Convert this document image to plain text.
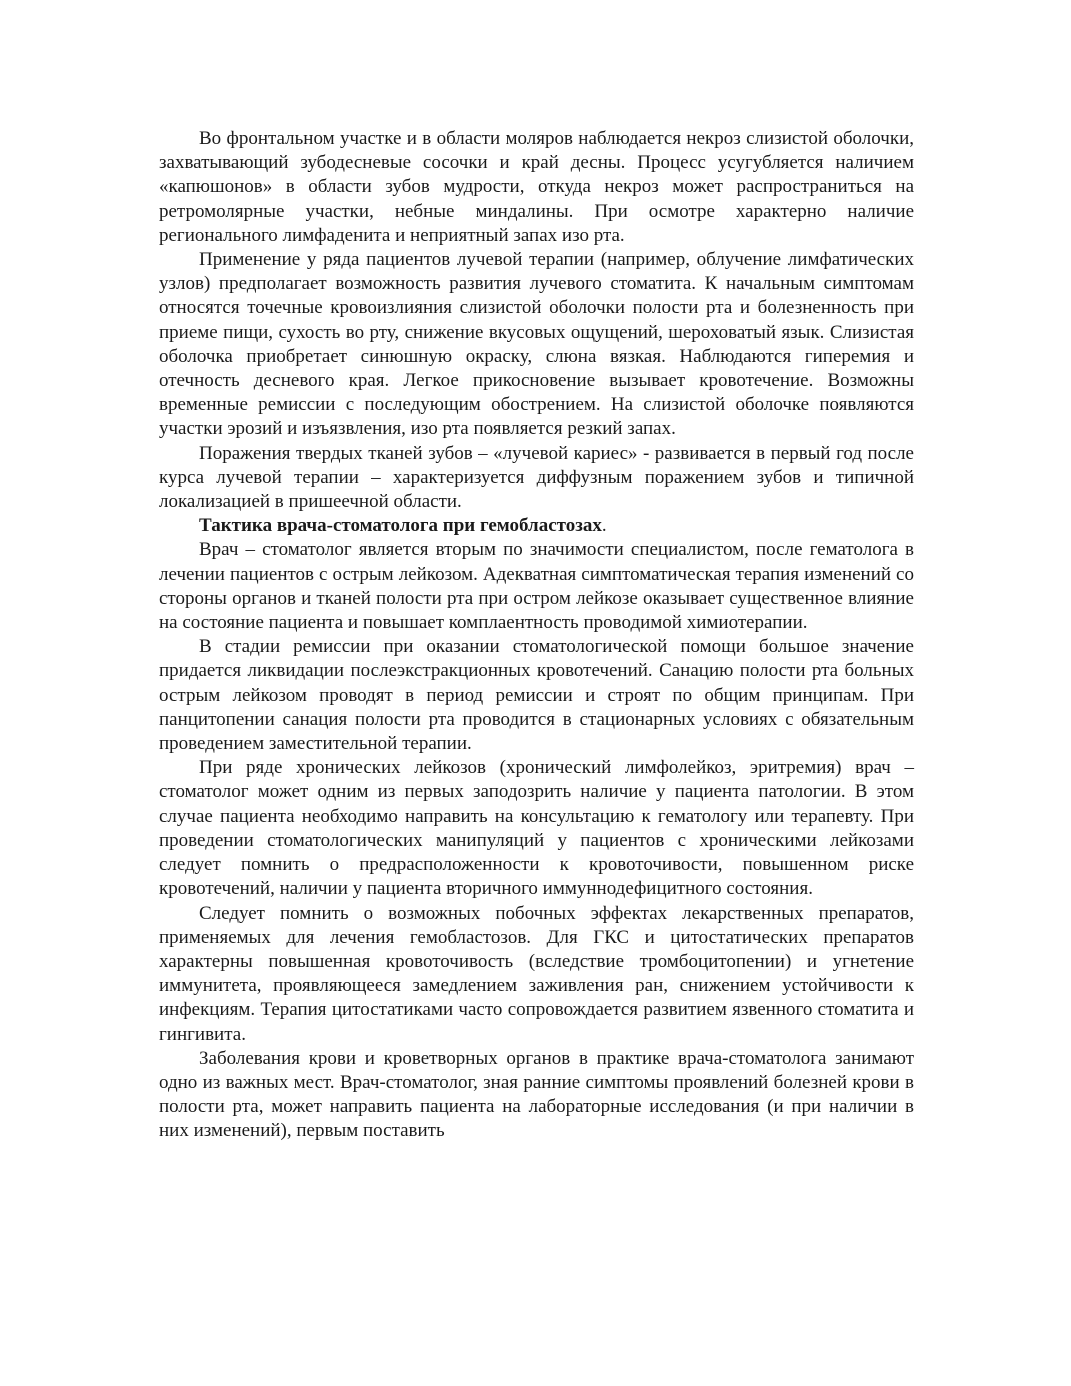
Во фронтальном участке и в области моляров наблюдается некроз слизистой оболочки, захватывающий зубодесневые сосочки и край десны. Процесс усугубляется наличием «капюшонов» в области зубов мудрости, откуда некроз может распространиться на ретромолярные участки, небные миндалины. При осмотре характерно наличие регионального лимфаденита и неприятный запах изо рта.

Применение у ряда пациентов лучевой терапии (например, облучение лимфатических узлов) предполагает возможность развития лучевого стоматита. К начальным симптомам относятся точечные кровоизлияния слизистой оболочки полости рта и болезненность при приеме пищи, сухость во рту, снижение вкусовых ощущений, шероховатый язык. Слизистая оболочка приобретает синюшную окраску, слюна вязкая. Наблюдаются гиперемия и отечность десневого края. Легкое прикосновение вызывает кровотечение. Возможны временные ремиссии с последующим обострением. На слизистой оболочке появляются участки эрозий и изъязвления, изо рта появляется резкий запах.

Поражения твердых тканей зубов – «лучевой кариес» - развивается в первый год после курса лучевой терапии – характеризуется диффузным поражением зубов и типичной локализацией в пришеечной области.

Тактика врача-стоматолога при гемобластозах.

Врач – стоматолог является вторым по значимости специалистом, после гематолога в лечении пациентов с острым лейкозом. Адекватная симптоматическая терапия изменений со стороны органов и тканей полости рта при остром лейкозе оказывает существенное влияние на состояние пациента и повышает комплаентность проводимой химиотерапии.

В стадии ремиссии при оказании стоматологической помощи большое значение придается ликвидации послеэкстракционных кровотечений. Санацию полости рта больных острым лейкозом проводят в период ремиссии и строят по общим принципам. При панцитопении санация полости рта проводится в стационарных условиях с обязательным проведением заместительной терапии.

При ряде хронических лейкозов (хронический лимфолейкоз, эритремия) врач – стоматолог может одним из первых заподозрить наличие у пациента патологии. В этом случае пациента необходимо направить на консультацию к гематологу или терапевту. При проведении стоматологических манипуляций у пациентов с хроническими лейкозами следует помнить о предрасположенности к кровоточивости, повышенном риске кровотечений, наличии у пациента вторичного иммуннодефицитного состояния.

Следует помнить о возможных побочных эффектах лекарственных препаратов, применяемых для лечения гемобластозов. Для ГКС и цитостатических препаратов характерны повышенная кровоточивость (вследствие тромбоцитопении) и угнетение иммунитета, проявляющееся замедлением заживления ран, снижением устойчивости к инфекциям. Терапия цитостатиками часто сопровождается развитием язвенного стоматита и гингивита.

Заболевания крови и кроветворных органов в практике врача-стоматолога занимают одно из важных мест. Врач-стоматолог, зная ранние симптомы проявлений болезней крови в полости рта, может направить пациента на лабораторные исследования (и при наличии в них изменений), первым поставить
